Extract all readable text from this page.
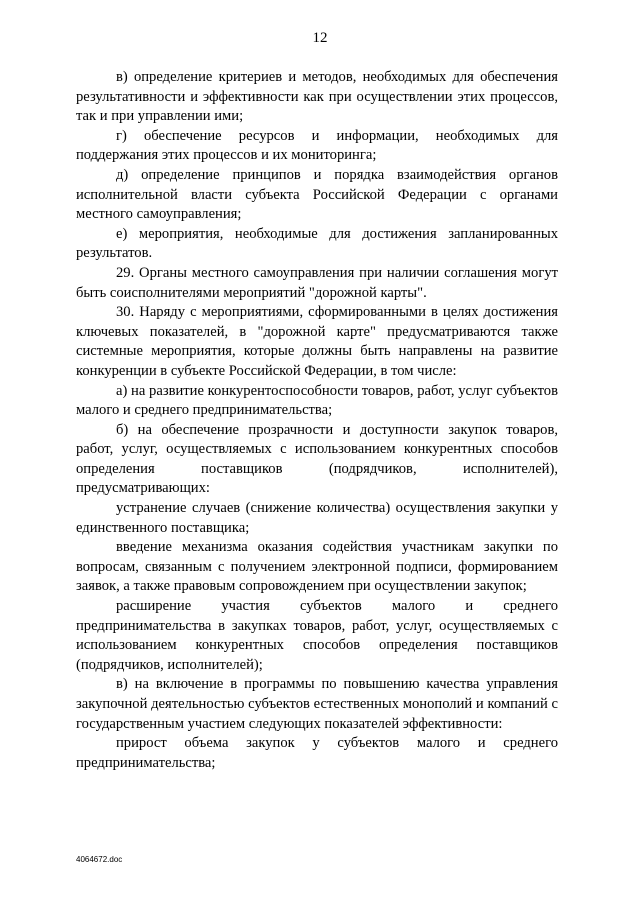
12

в) определение критериев и методов, необходимых для обеспечения результативности и эффективности как при осуществлении этих процессов, так и при управлении ими;

г) обеспечение ресурсов и информации, необходимых для поддержания этих процессов и их мониторинга;

д) определение принципов и порядка взаимодействия органов исполнительной власти субъекта Российской Федерации с органами местного самоуправления;

е) мероприятия, необходимые для достижения запланированных результатов.

29. Органы местного самоуправления при наличии соглашения могут быть соисполнителями мероприятий "дорожной карты".

30. Наряду с мероприятиями, сформированными в целях достижения ключевых показателей, в "дорожной карте" предусматриваются также системные мероприятия, которые должны быть направлены на развитие конкуренции в субъекте Российской Федерации, в том числе:

а) на развитие конкурентоспособности товаров, работ, услуг субъектов малого и среднего предпринимательства;

б) на обеспечение прозрачности и доступности закупок товаров, работ, услуг, осуществляемых с использованием конкурентных способов определения поставщиков (подрядчиков, исполнителей), предусматривающих:

устранение случаев (снижение количества) осуществления закупки у единственного поставщика;

введение механизма оказания содействия участникам закупки по вопросам, связанным с получением электронной подписи, формированием заявок, а также правовым сопровождением при осуществлении закупок;

расширение участия субъектов малого и среднего предпринимательства в закупках товаров, работ, услуг, осуществляемых с использованием конкурентных способов определения поставщиков (подрядчиков, исполнителей);

в) на включение в программы по повышению качества управления закупочной деятельностью субъектов естественных монополий и компаний с государственным участием следующих показателей эффективности:

прирост объема закупок у субъектов малого и среднего предпринимательства;

4064672.doc
